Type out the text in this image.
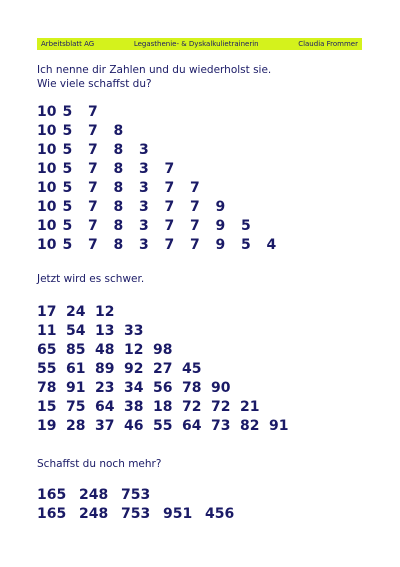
Arbeitsblatt AG	Legasthenie- & Dyskalkulietrainerin	Claudia Frommer
Ich nenne dir Zahlen und du wiederholst sie.
Wie viele schaffst du?
10 5	7
10 5	7	8
10 5	7	8	3
10 5	7	8	3	7
10 5	7	8	3	7	7
10 5	7	8	3	7	7	9
10 5	7	8	3	7	7	9	5
10 5	7	8	3	7	7	9	5	4
Jetzt wird es schwer.
17 24 12
11 54 13 33
65 85 48 12 98
55 61 89 92 27 45
78 91 23 34 56 78 90
15 75 64 38 18 72 72 21
19 28 37 46 55 64 73 82 91
Schaffst du noch mehr?
165 248 753
165 248 753 951 456
